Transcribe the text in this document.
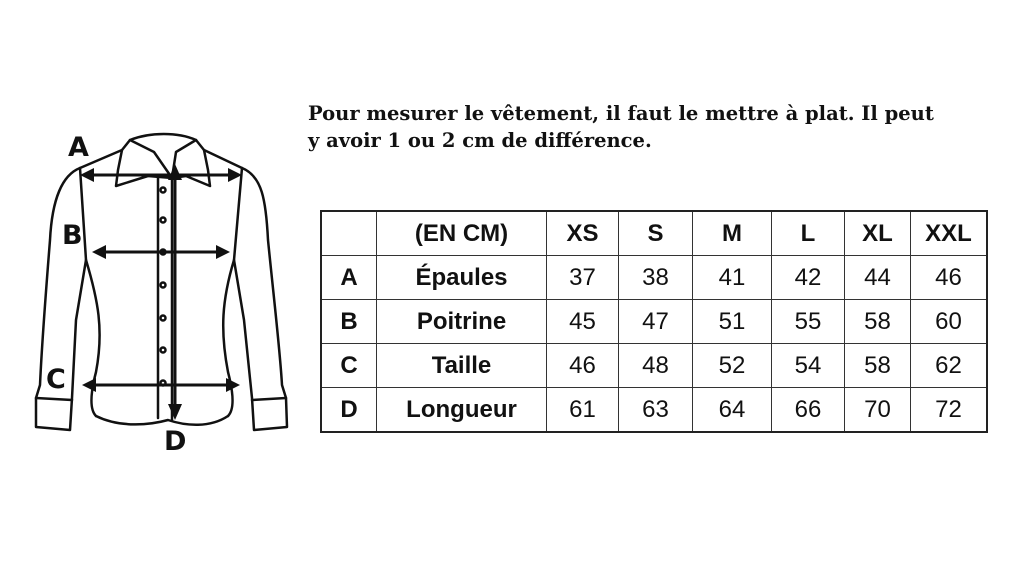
A
B
C
D

Pour mesurer le vêtement, il faut le mettre à plat. Il peut
y avoir 1 ou 2 cm de différence.

	(EN CM)	XS	S	M	L	XL	XXL
A	Épaules	37	38	41	42	44	46
B	Poitrine	45	47	51	55	58	60
C	Taille	46	48	52	54	58	62
D	Longueur	61	63	64	66	70	72
